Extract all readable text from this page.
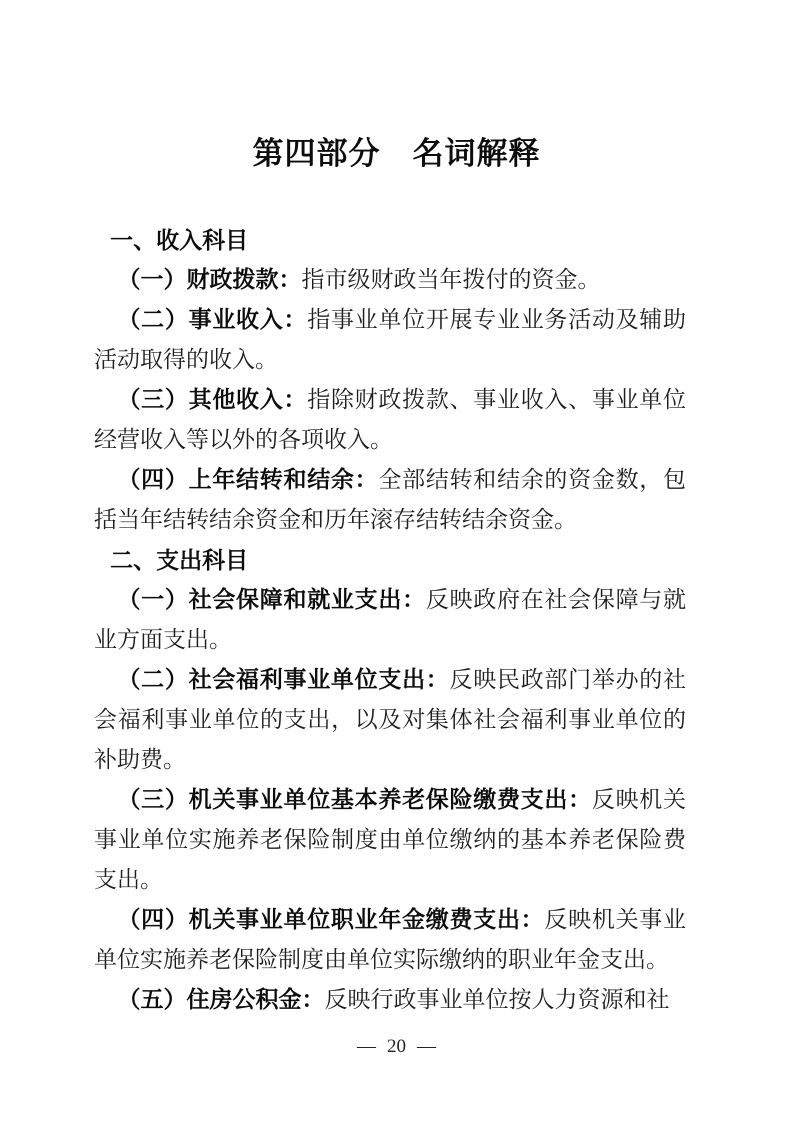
第四部分　名词解释

一、收入科目

（一）财政拨款：指市级财政当年拨付的资金。

（二）事业收入：指事业单位开展专业业务活动及辅助活动取得的收入。

（三）其他收入：指除财政拨款、事业收入、事业单位经营收入等以外的各项收入。

（四）上年结转和结余：全部结转和结余的资金数，包括当年结转结余资金和历年滚存结转结余资金。

二、支出科目

（一）社会保障和就业支出：反映政府在社会保障与就业方面支出。

（二）社会福利事业单位支出：反映民政部门举办的社会福利事业单位的支出，以及对集体社会福利事业单位的补助费。

（三）机关事业单位基本养老保险缴费支出：反映机关事业单位实施养老保险制度由单位缴纳的基本养老保险费支出。

（四）机关事业单位职业年金缴费支出：反映机关事业单位实施养老保险制度由单位实际缴纳的职业年金支出。

（五）住房公积金：反映行政事业单位按人力资源和社

— 20 —
